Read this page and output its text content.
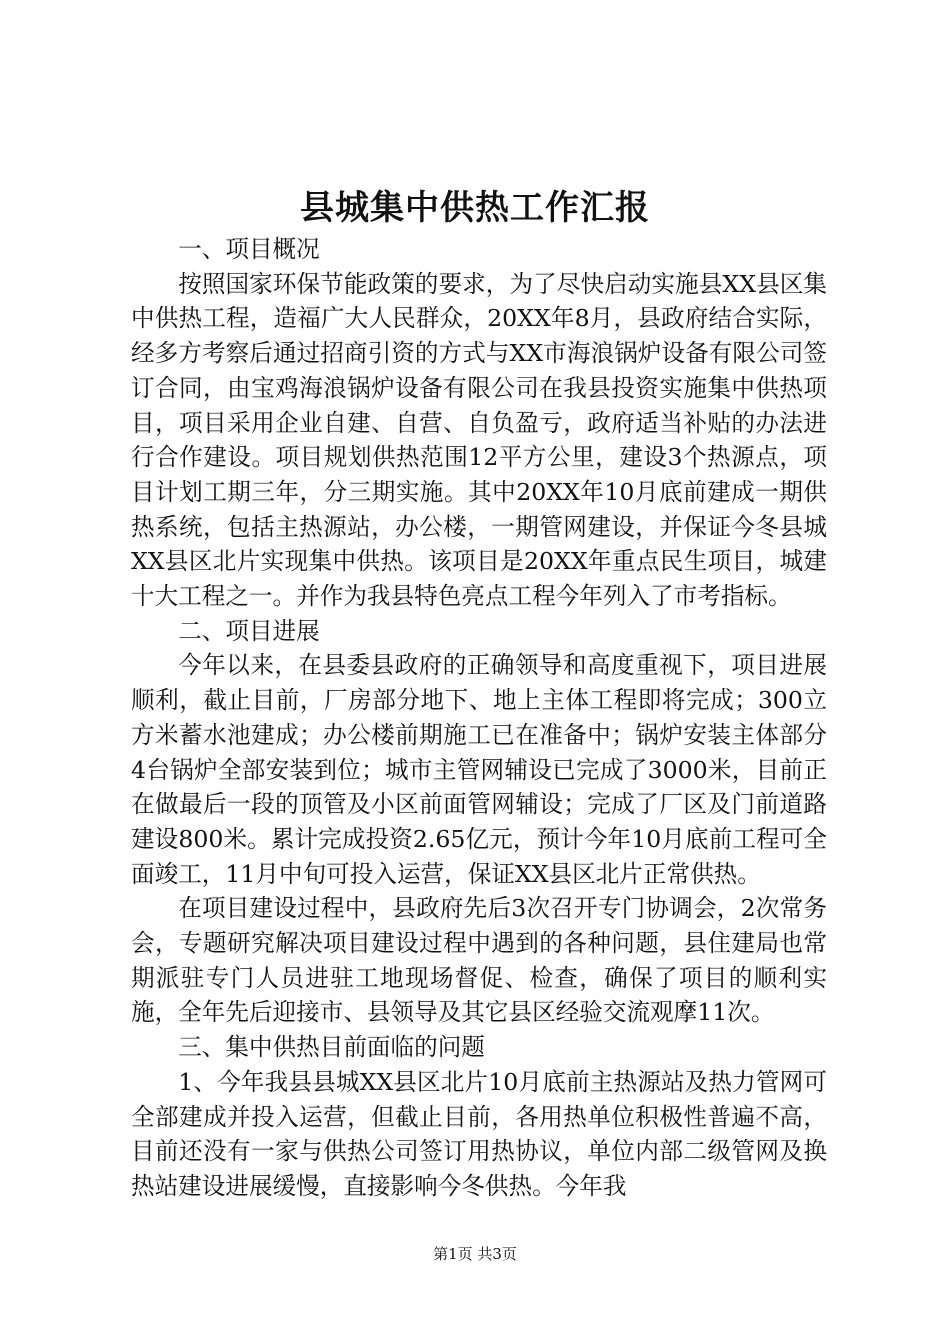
县城集中供热工作汇报

一、项目概况

按照国家环保节能政策的要求，为了尽快启动实施县XX县区集中供热工程，造福广大人民群众，20XX年8月，县政府结合实际，经多方考察后通过招商引资的方式与XX市海浪锅炉设备有限公司签订合同，由宝鸡海浪锅炉设备有限公司在我县投资实施集中供热项目，项目采用企业自建、自营、自负盈亏，政府适当补贴的办法进行合作建设。项目规划供热范围12平方公里，建设3个热源点，项目计划工期三年，分三期实施。其中20XX年10月底前建成一期供热系统，包括主热源站，办公楼，一期管网建设，并保证今冬县城XX县区北片实现集中供热。该项目是20XX年重点民生项目，城建十大工程之一。并作为我县特色亮点工程今年列入了市考指标。

二、项目进展

今年以来，在县委县政府的正确领导和高度重视下，项目进展顺利，截止目前，厂房部分地下、地上主体工程即将完成；300立方米蓄水池建成；办公楼前期施工已在准备中；锅炉安装主体部分4台锅炉全部安装到位；城市主管网辅设已完成了3000米，目前正在做最后一段的顶管及小区前面管网辅设；完成了厂区及门前道路建设800米。累计完成投资2.65亿元，预计今年10月底前工程可全面竣工，11月中旬可投入运营，保证XX县区北片正常供热。

在项目建设过程中，县政府先后3次召开专门协调会，2次常务会，专题研究解决项目建设过程中遇到的各种问题，县住建局也常期派驻专门人员进驻工地现场督促、检查，确保了项目的顺利实施，全年先后迎接市、县领导及其它县区经验交流观摩11次。

三、集中供热目前面临的问题

1、今年我县县城XX县区北片10月底前主热源站及热力管网可全部建成并投入运营，但截止目前，各用热单位积极性普遍不高，目前还没有一家与供热公司签订用热协议，单位内部二级管网及换热站建设进展缓慢，直接影响今冬供热。今年我

第1页 共3页
